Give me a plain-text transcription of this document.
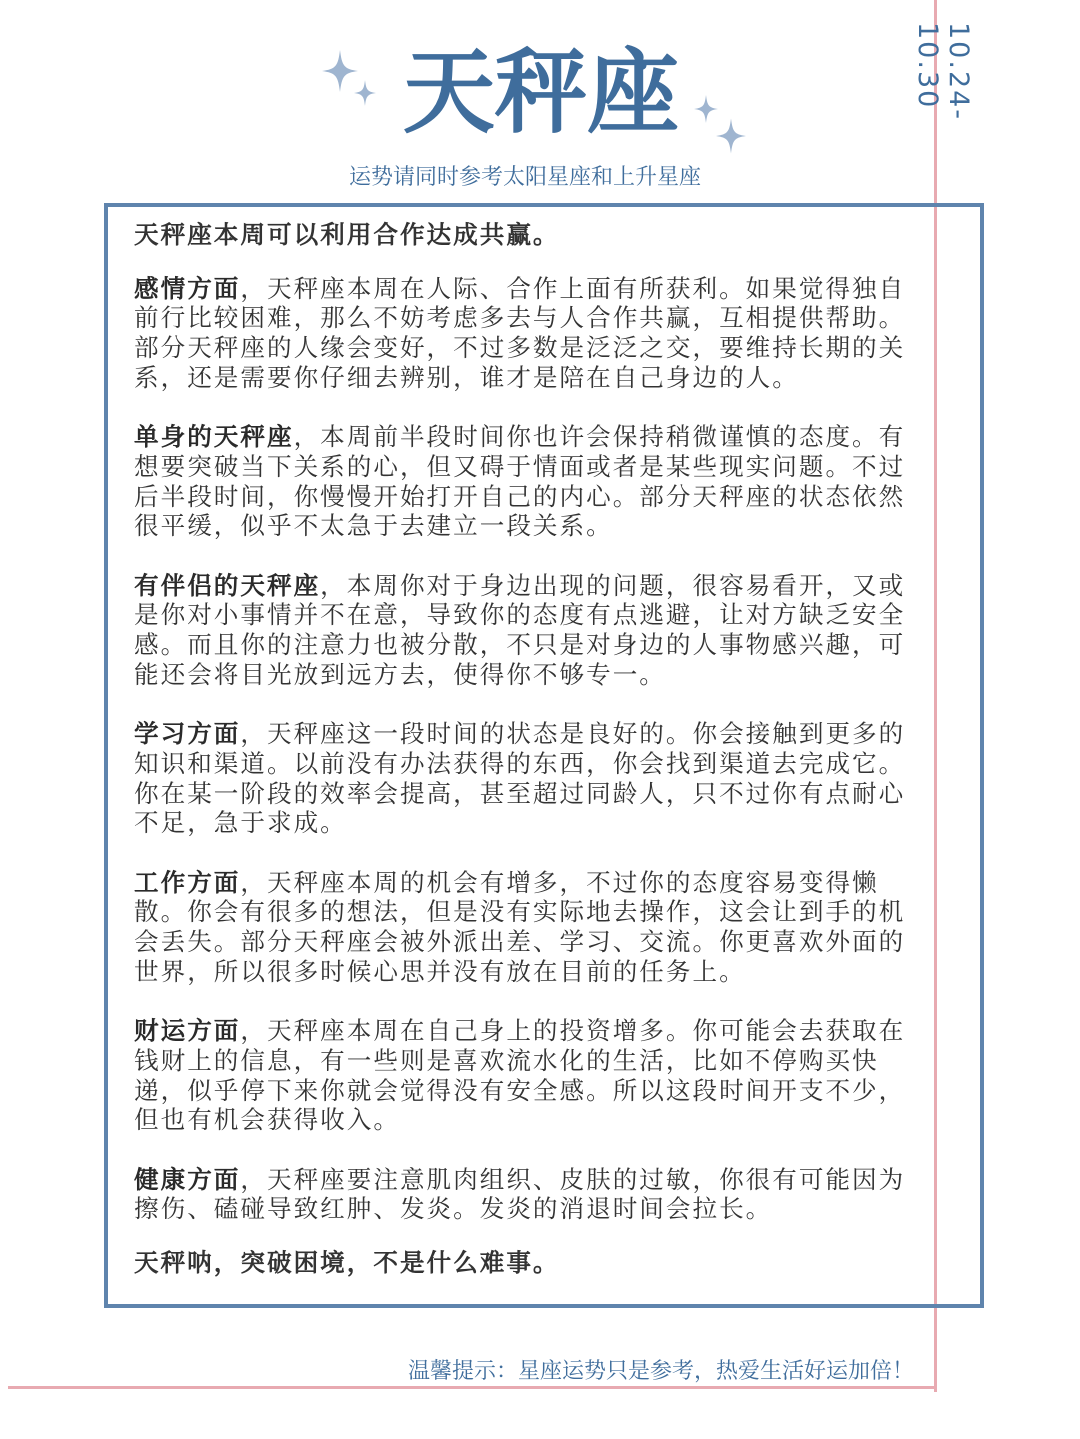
10.24-10.30
天秤座
运势请同时参考太阳星座和上升星座

天秤座本周可以利用合作达成共赢。

感情方面，天秤座本周在人际、合作上面有所获利。如果觉得独自前行比较困难，那么不妨考虑多去与人合作共赢，互相提供帮助。部分天秤座的人缘会变好，不过多数是泛泛之交，要维持长期的关系，还是需要你仔细去辨别，谁才是陪在自己身边的人。

单身的天秤座，本周前半段时间你也许会保持稍微谨慎的态度。有想要突破当下关系的心，但又碍于情面或者是某些现实问题。不过后半段时间，你慢慢开始打开自己的内心。部分天秤座的状态依然很平缓，似乎不太急于去建立一段关系。

有伴侣的天秤座，本周你对于身边出现的问题，很容易看开，又或是你对小事情并不在意，导致你的态度有点逃避，让对方缺乏安全感。而且你的注意力也被分散，不只是对身边的人事物感兴趣，可能还会将目光放到远方去，使得你不够专一。

学习方面，天秤座这一段时间的状态是良好的。你会接触到更多的知识和渠道。以前没有办法获得的东西，你会找到渠道去完成它。你在某一阶段的效率会提高，甚至超过同龄人，只不过你有点耐心不足，急于求成。

工作方面，天秤座本周的机会有增多，不过你的态度容易变得懒散。你会有很多的想法，但是没有实际地去操作，这会让到手的机会丢失。部分天秤座会被外派出差、学习、交流。你更喜欢外面的世界，所以很多时候心思并没有放在目前的任务上。

财运方面，天秤座本周在自己身上的投资增多。你可能会去获取在钱财上的信息，有一些则是喜欢流水化的生活，比如不停购买快递，似乎停下来你就会觉得没有安全感。所以这段时间开支不少，但也有机会获得收入。

健康方面，天秤座要注意肌肉组织、皮肤的过敏，你很有可能因为擦伤、磕碰导致红肿、发炎。发炎的消退时间会拉长。

天秤呐，突破困境，不是什么难事。

温馨提示：星座运势只是参考，热爱生活好运加倍！
